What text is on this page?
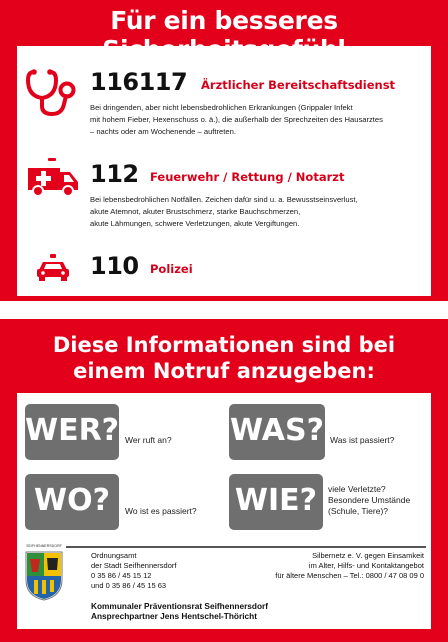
Für ein besseres
116117 Ärztlicher Bereitschaftsdienst
Bei dringenden, aber nicht lebensbedrohlichen Erkrankungen (Grippaler Infekt
mit hohem Fieber, Hexenschuss o. ä.), die außerhalb der Sprechzeiten des Hausarztes
– nachts oder am Wochenende – auftreten.
112 Feuerwehr / Rettung / Notarzt
Bei lebensbedrohlichen Notfällen. Zeichen dafür sind u. a. Bewusstseinsverlust,
akute Atemnot, akuter Brustschmerz, starke Bauchschmerzen,
akute Lähmungen, schwere Verletzungen, akute Vergiftungen.
110 Polizei
Diese Informationen sind bei
einem Notruf anzugeben:
WER? Wer ruft an? WAS? Was ist passiert?
WO?	Wo ist es passiert? WIE?	viele Verletzte?
Besondere Umstände
(Schule, Tiere)?
SEIFHENNERSDORF
Ordnungsamt
der Stadt Seifhennersdorf
0 35 86 / 45 15 12
und 0 35 86 / 45 15 63
Silbernetz e. V. gegen Einsamkeit
im Alter, Hilfs- und Kontaktangebot
für ältere Menschen – Tel.: 0800 / 47 08 09 0
Kommunaler Präventionsrat Seifhennersdorf
Ansprechpartner Jens Hentschel-Thöricht
